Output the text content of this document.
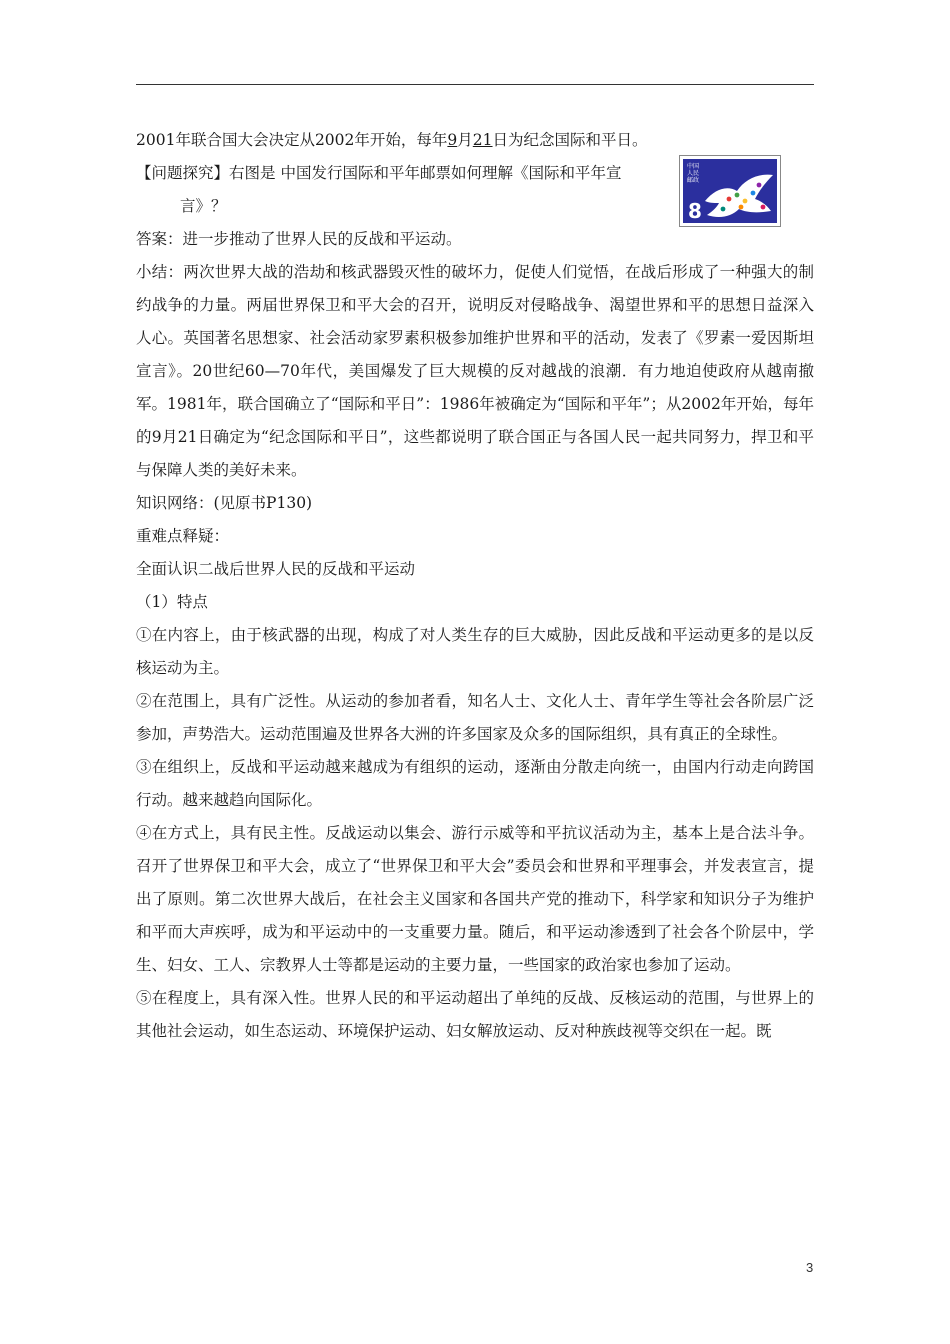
中国人民邮政
8

2001年联合国大会决定从2002年开始，每年9月21日为纪念国际和平日。

【问题探究】右图是 中国发行国际和平年邮票如何理解《国际和平年宣

言》？

答案：进一步推动了世界人民的反战和平运动。

小结：两次世界大战的浩劫和核武器毁灭性的破坏力，促使人们觉悟，在战后形成了一种强大的制约战争的力量。两届世界保卫和平大会的召开，说明反对侵略战争、渴望世界和平的思想日益深入人心。英国著名思想家、社会活动家罗素积极参加维护世界和平的活动，发表了《罗素一爱因斯坦宣言》。20世纪60—70年代，美国爆发了巨大规模的反对越战的浪潮．有力地迫使政府从越南撤军。1981年，联合国确立了“国际和平日”：1986年被确定为“国际和平年”；从2002年开始，每年的9月21日确定为“纪念国际和平日”，这些都说明了联合国正与各国人民一起共同努力，捍卫和平与保障人类的美好未来。

知识网络：(见原书P130)

重难点释疑：

全面认识二战后世界人民的反战和平运动

（1）特点

①在内容上，由于核武器的出现，构成了对人类生存的巨大威胁，因此反战和平运动更多的是以反核运动为主。

②在范围上，具有广泛性。从运动的参加者看，知名人士、文化人士、青年学生等社会各阶层广泛参加，声势浩大。运动范围遍及世界各大洲的许多国家及众多的国际组织，具有真正的全球性。

③在组织上，反战和平运动越来越成为有组织的运动，逐渐由分散走向统一，由国内行动走向跨国行动。越来越趋向国际化。

④在方式上，具有民主性。反战运动以集会、游行示威等和平抗议活动为主，基本上是合法斗争。召开了世界保卫和平大会，成立了“世界保卫和平大会”委员会和世界和平理事会，并发表宣言，提出了原则。第二次世界大战后，在社会主义国家和各国共产党的推动下，科学家和知识分子为维护和平而大声疾呼，成为和平运动中的一支重要力量。随后，和平运动渗透到了社会各个阶层中，学生、妇女、工人、宗教界人士等都是运动的主要力量，一些国家的政治家也参加了运动。

⑤在程度上，具有深入性。世界人民的和平运动超出了单纯的反战、反核运动的范围，与世界上的其他社会运动，如生态运动、环境保护运动、妇女解放运动、反对种族歧视等交织在一起。既

3
